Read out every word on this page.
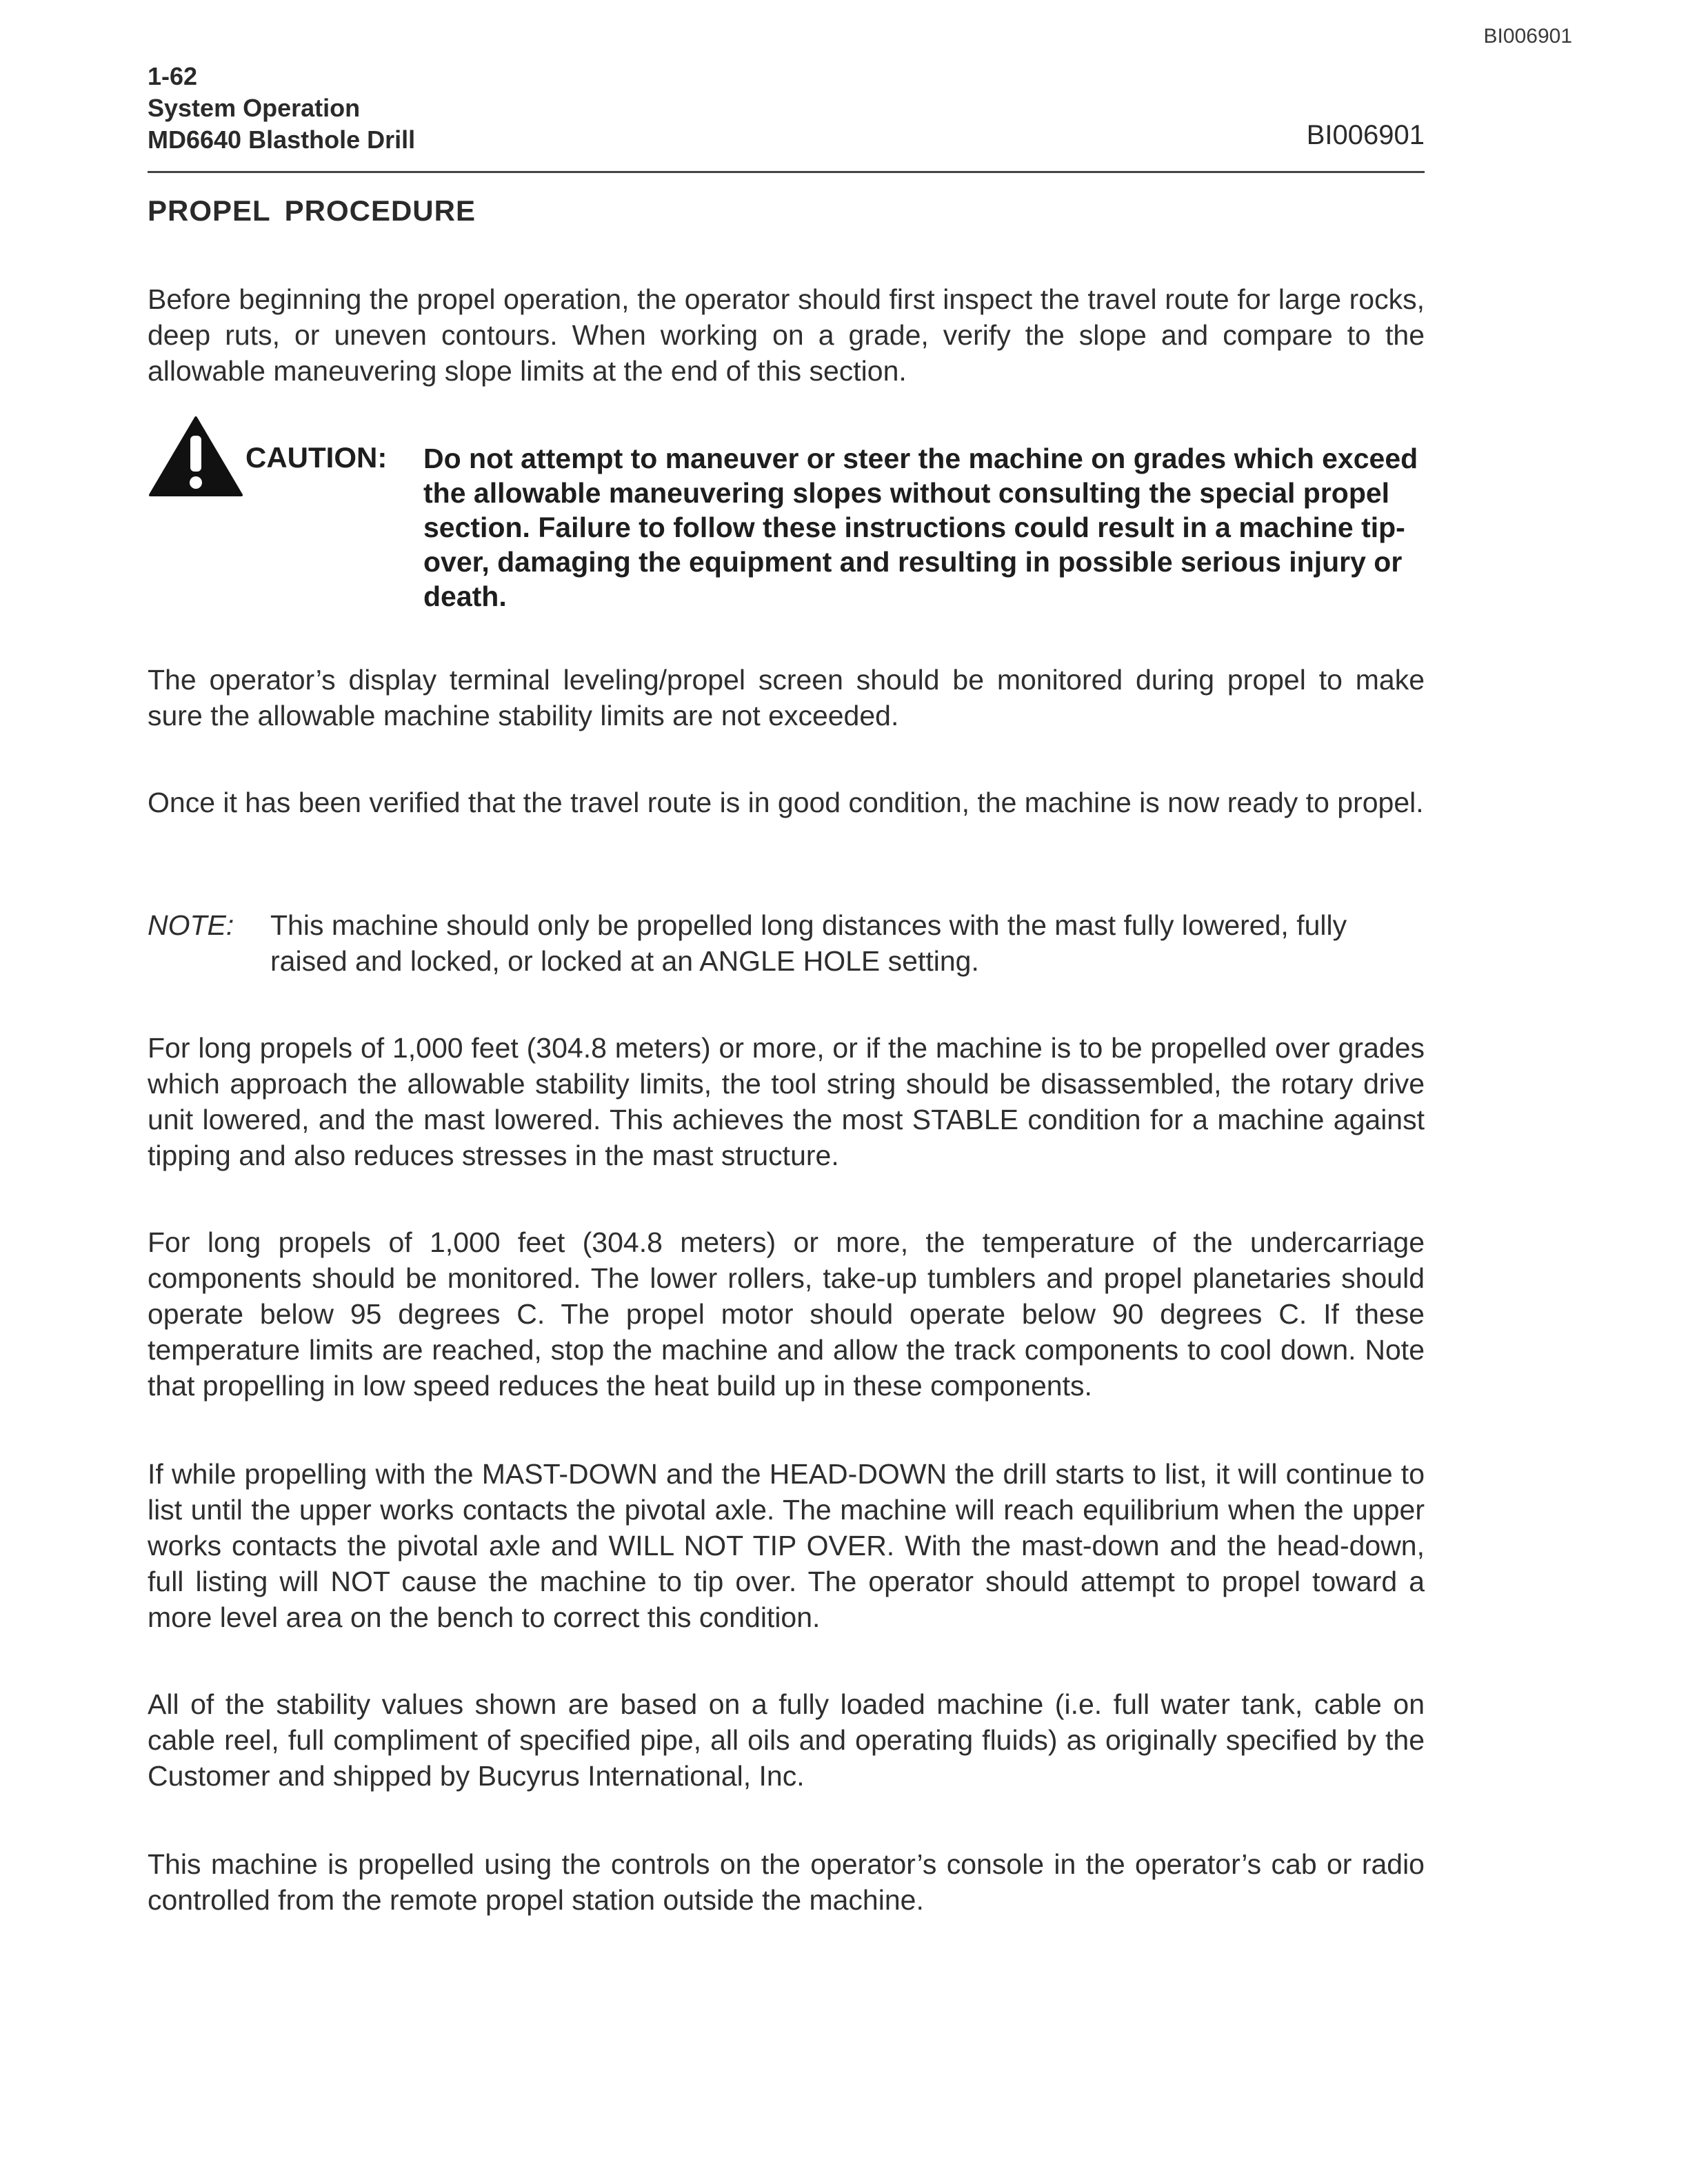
BI006901
1-62
System Operation
MD6640 Blasthole Drill	BI006901
PROPEL PROCEDURE

Before beginning the propel operation, the operator should first inspect the travel route for large rocks, deep ruts, or uneven contours. When working on a grade, verify the slope and compare to the allowable maneuvering slope limits at the end of this section.

CAUTION: Do not attempt to maneuver or steer the machine on grades which exceed the allowable maneuvering slopes without consulting the special propel section. Failure to follow these instructions could result in a machine tip-over, damaging the equipment and resulting in possible serious injury or death.

The operator’s display terminal leveling/propel screen should be monitored during propel to make sure the allowable machine stability limits are not exceeded.

Once it has been verified that the travel route is in good condition, the machine is now ready to propel.

NOTE: This machine should only be propelled long distances with the mast fully lowered, fully raised and locked, or locked at an ANGLE HOLE setting.

For long propels of 1,000 feet (304.8 meters) or more, or if the machine is to be propelled over grades which approach the allowable stability limits, the tool string should be disassembled, the rotary drive unit lowered, and the mast lowered. This achieves the most STABLE condition for a machine against tipping and also reduces stresses in the mast structure.

For long propels of 1,000 feet (304.8 meters) or more, the temperature of the undercarriage components should be monitored. The lower rollers, take-up tumblers and propel planetaries should operate below 95 degrees C. The propel motor should operate below 90 degrees C. If these temperature limits are reached, stop the machine and allow the track components to cool down. Note that propelling in low speed reduces the heat build up in these components.

If while propelling with the MAST-DOWN and the HEAD-DOWN the drill starts to list, it will continue to list until the upper works contacts the pivotal axle. The machine will reach equilibrium when the upper works contacts the pivotal axle and WILL NOT TIP OVER. With the mast-down and the head-down, full listing will NOT cause the machine to tip over. The operator should attempt to propel toward a more level area on the bench to correct this condition.

All of the stability values shown are based on a fully loaded machine (i.e. full water tank, cable on cable reel, full compliment of specified pipe, all oils and operating fluids) as originally specified by the Customer and shipped by Bucyrus International, Inc.

This machine is propelled using the controls on the operator’s console in the operator’s cab or radio controlled from the remote propel station outside the machine.
